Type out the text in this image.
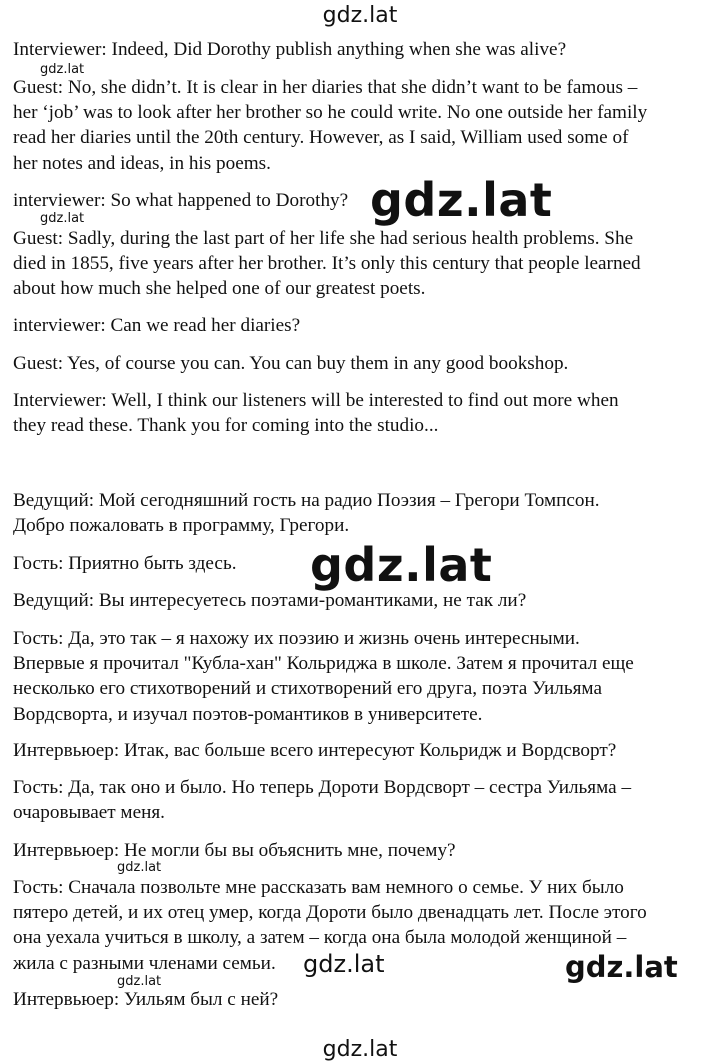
gdz.lat
gdz.lat
gdz.lat	gdz.lat
gdz.lat
gdz.lat
gdz.lat	gdz.lat
gdz.lat
gdz.lat

Interviewer: Indeed, Did Dorothy publish anything when she was alive?

Guest: No, she didn’t. It is clear in her diaries that she didn’t want to be famous –
her ‘job’ was to look after her brother so he could write. No one outside her family
read her diaries until the 20th century. However, as I said, William used some of
her notes and ideas, in his poems.

interviewer: So what happened to Dorothy?

Guest: Sadly, during the last part of her life she had serious health problems. She
died in 1855, five years after her brother. It’s only this century that people learned
about how much she helped one of our greatest poets.

interviewer: Can we read her diaries?

Guest: Yes, of course you can. You can buy them in any good bookshop.

Interviewer: Well, I think our listeners will be interested to find out more when
they read these. Thank you for coming into the studio...

Ведущий: Мой сегодняшний гость на радио Поэзия – Грегори Томпсон.
Добро пожаловать в программу, Грегори.

Гость: Приятно быть здесь.

Ведущий: Вы интересуетесь поэтами-романтиками, не так ли?

Гость: Да, это так – я нахожу их поэзию и жизнь очень интересными.
Впервые я прочитал "Кубла-хан" Кольриджа в школе. Затем я прочитал еще
несколько его стихотворений и стихотворений его друга, поэта Уильяма
Вордсворта, и изучал поэтов-романтиков в университете.

Интервьюер: Итак, вас больше всего интересуют Кольридж и Вордсворт?

Гость: Да, так оно и было. Но теперь Дороти Вордсворт – сестра Уильяма –
очаровывает меня.

Интервьюер: Не могли бы вы объяснить мне, почему?

Гость: Сначала позвольте мне рассказать вам немного о семье. У них было
пятеро детей, и их отец умер, когда Дороти было двенадцать лет. После этого
она уехала учиться в школу, а затем – когда она была молодой женщиной –
жила с разными членами семьи.

Интервьюер: Уильям был с ней?
